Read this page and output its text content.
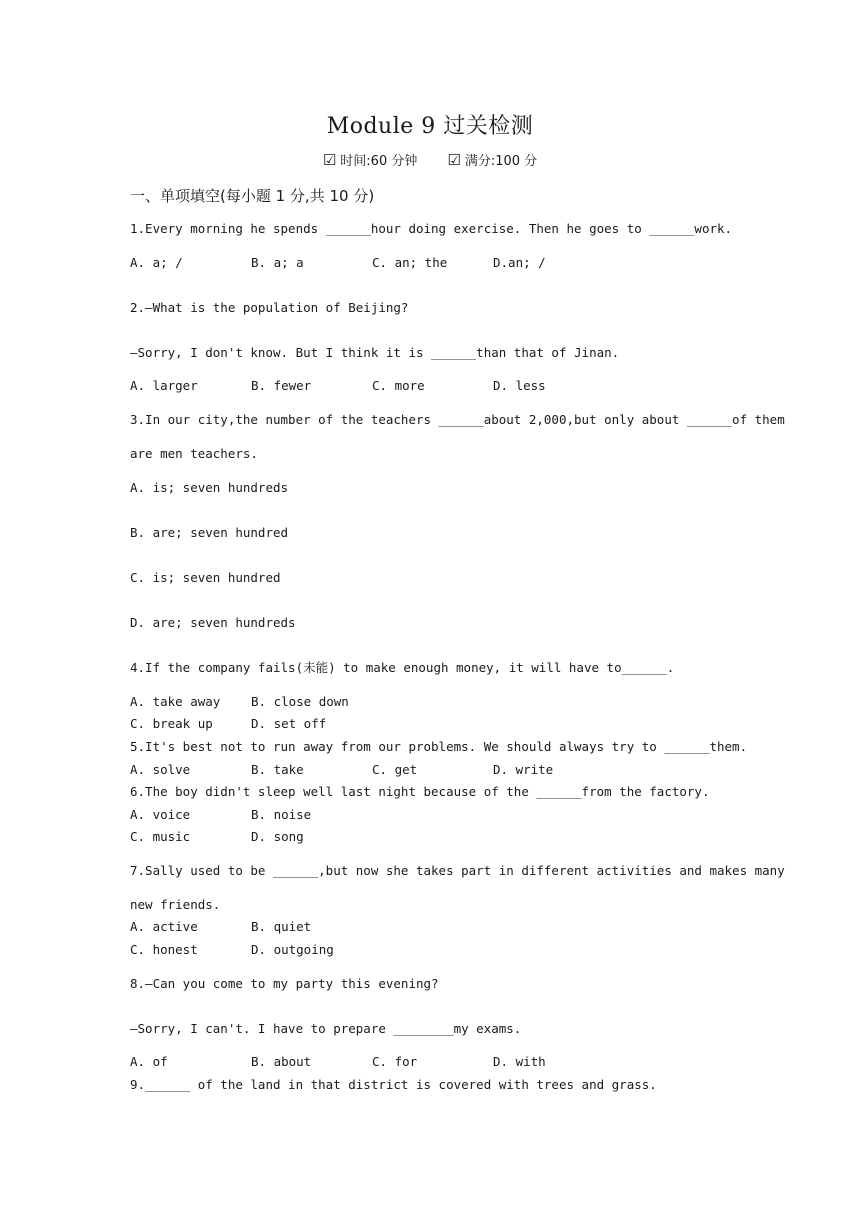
Module 9 过关检测
☑ 时间:60 分钟 ☑ 满分:100 分
一、单项填空(每小题 1 分,共 10 分)
1.Every morning he spends ______hour doing exercise. Then he goes to ______work.
A. a; /	B. a; a	C. an; the	D.an; /
2.—What is the population of Beijing?
—Sorry, I don't know. But I think it is ______than that of Jinan.
A. larger	B. fewer	C. more	D. less
3.In our city,the number of the teachers ______about 2,000,but only about ______of them
are men teachers.
A. is; seven hundreds
B. are; seven hundred
C. is; seven hundred
D. are; seven hundreds
4.If the company fails(未能) to make enough money, it will have to______.
A. take away B. close down
C. break up	D. set off
5.It's best not to run away from our problems. We should always try to ______them.
A. solve	B. take	C. get	D. write
6.The boy didn't sleep well last night because of the ______from the factory.
A. voice	B. noise
C. music	D. song
7.Sally used to be ______,but now she takes part in different activities and makes many
new friends.
A. active	B. quiet
C. honest	D. outgoing
8.—Can you come to my party this evening?
—Sorry, I can't. I have to prepare ________my exams.
A. of	B. about	C. for	D. with
9.______ of the land in that district is covered with trees and grass.
